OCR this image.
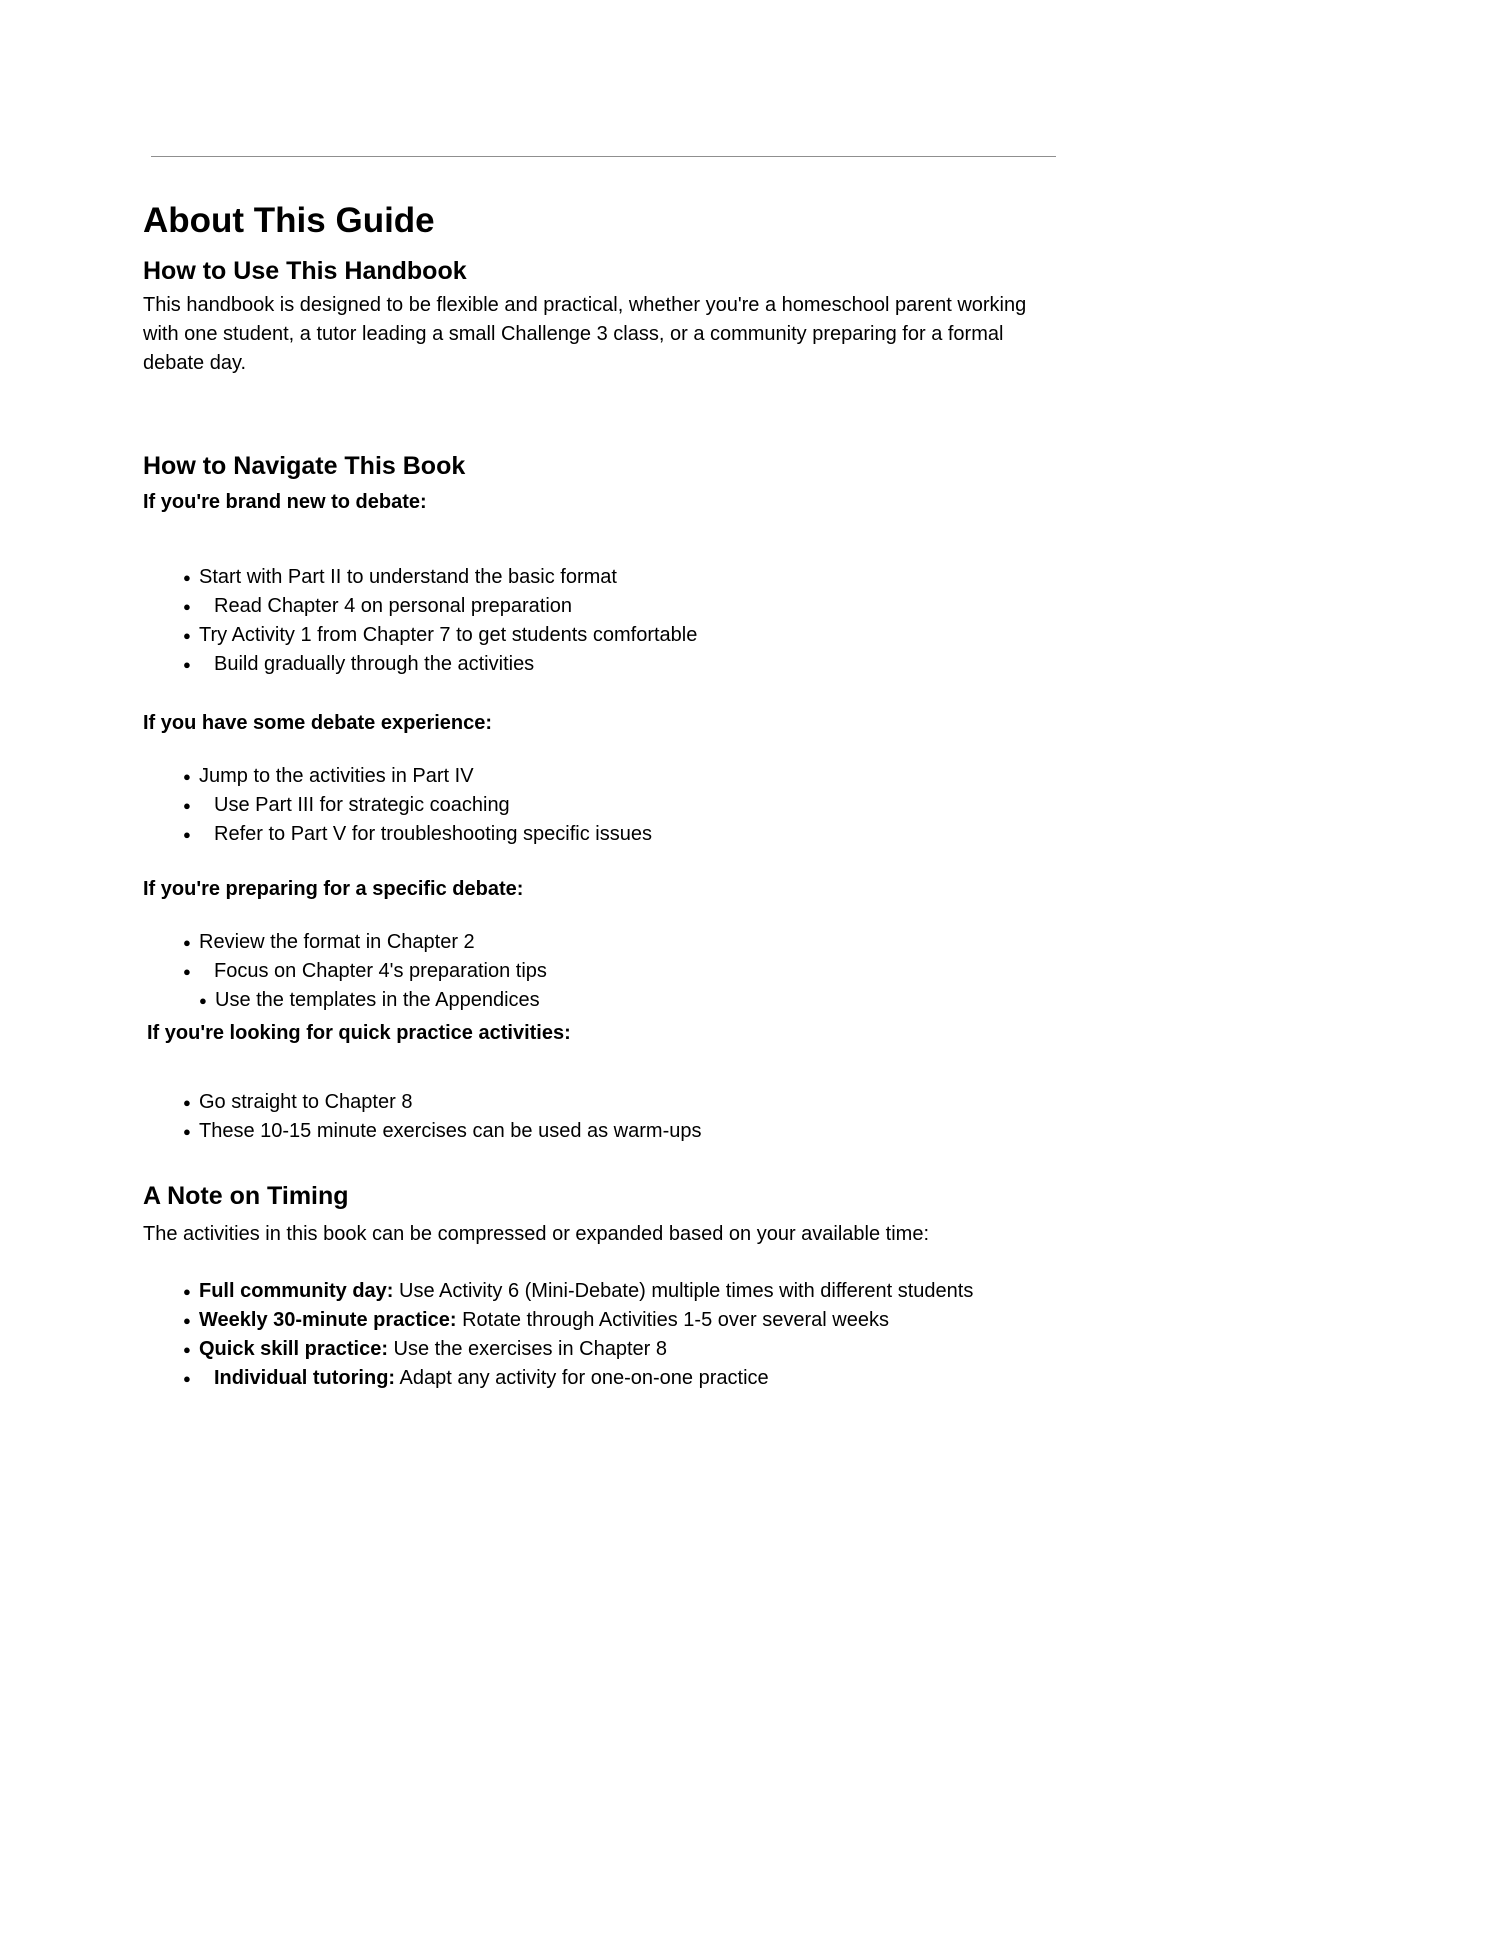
About This Guide
How to Use This Handbook

This handbook is designed to be flexible and practical, whether you're a homeschool parent working with one student, a tutor leading a small Challenge 3 class, or a community preparing for a formal debate day.

How to Navigate This Book
If you're brand new to debate:
● Start with Part II to understand the basic format
● Read Chapter 4 on personal preparation
● Try Activity 1 from Chapter 7 to get students comfortable
● Build gradually through the activities
If you have some debate experience:
● Jump to the activities in Part IV
● Use Part III for strategic coaching
● Refer to Part V for troubleshooting specific issues
If you're preparing for a specific debate:
● Review the format in Chapter 2
● Focus on Chapter 4's preparation tips
● Use the templates in the Appendices
If you're looking for quick practice activities:
● Go straight to Chapter 8
● These 10-15 minute exercises can be used as warm-ups
A Note on Timing

The activities in this book can be compressed or expanded based on your available time:

● Full community day: Use Activity 6 (Mini-Debate) multiple times with different students
● Weekly 30-minute practice: Rotate through Activities 1-5 over several weeks
● Quick skill practice: Use the exercises in Chapter 8
● Individual tutoring: Adapt any activity for one-on-one practice
